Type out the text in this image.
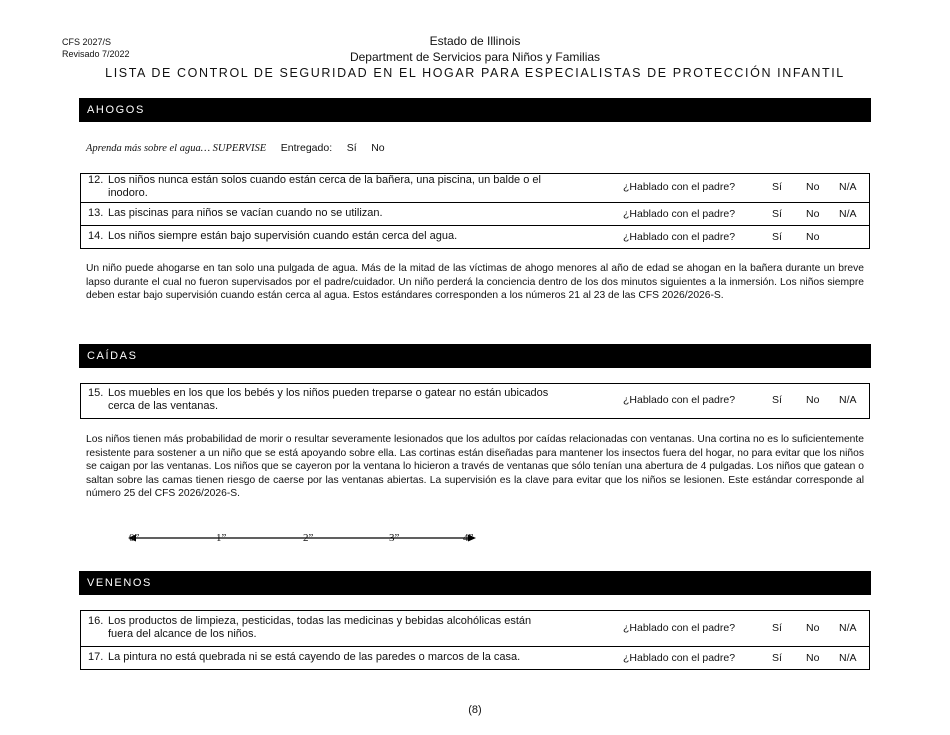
CFS 2027/S
Revisado 7/2022
Estado de Illinois
Department de Servicios para Niños y Familias
LISTA DE CONTROL DE SEGURIDAD EN EL HOGAR PARA ESPECIALISTAS DE PROTECCIÓN INFANTIL
AHOGOS
Aprenda más sobre el agua… SUPERVISE Entregado: Sí No
12. Los niños nunca están solos cuando están cerca de la bañera, una piscina, un balde o el
inodoro.	¿Hablado con el padre?	Sí No N/A
13. Las piscinas para niños se vacían cuando no se utilizan.	¿Hablado con el padre?	Sí No N/A
14. Los niños siempre están bajo supervisión cuando están cerca del agua.	¿Hablado con el padre?	Sí No
Un niño puede ahogarse en tan solo una pulgada de agua. Más de la mitad de las víctimas de ahogo menores al año de edad se ahogan en la bañera durante un breve lapso durante el cual no fueron supervisados por el padre/cuidador. Un niño perderá la conciencia dentro de los dos minutos siguientes a la inmersión. Los niños siempre deben estar bajo supervisión cuando están cerca al agua. Estos estándares corresponden a los números 21 al 23 de las CFS 2026/2026-S.
CAÍDAS
15. Los muebles en los que los bebés y los niños pueden treparse o gatear no están ubicados
cerca de las ventanas.	¿Hablado con el padre?	Sí No N/A
Los niños tienen más probabilidad de morir o resultar severamente lesionados que los adultos por caídas relacionadas con ventanas. Una cortina no es lo suficientemente resistente para sostener a un niño que se está apoyando sobre ella. Las cortinas están diseñadas para mantener los insectos fuera del hogar, no para evitar que los niños se caigan por las ventanas. Los niños que se cayeron por la ventana lo hicieron a través de ventanas que sólo tenían una abertura de 4 pulgadas. Los niños que gatean o saltan sobre las camas tienen riesgo de caerse por las ventanas abiertas. La supervisión es la clave para evitar que los niños se lesionen. Este estándar corresponde al número 25 del CFS 2026/2026-S.
0”	1”	2”	3”	4”
VENENOS
16. Los productos de limpieza, pesticidas, todas las medicinas y bebidas alcohólicas están
fuera del alcance de los niños.	¿Hablado con el padre?	Sí No N/A
17. La pintura no está quebrada ni se está cayendo de las paredes o marcos de la casa.	¿Hablado con el padre?	Sí No N/A
(8)
